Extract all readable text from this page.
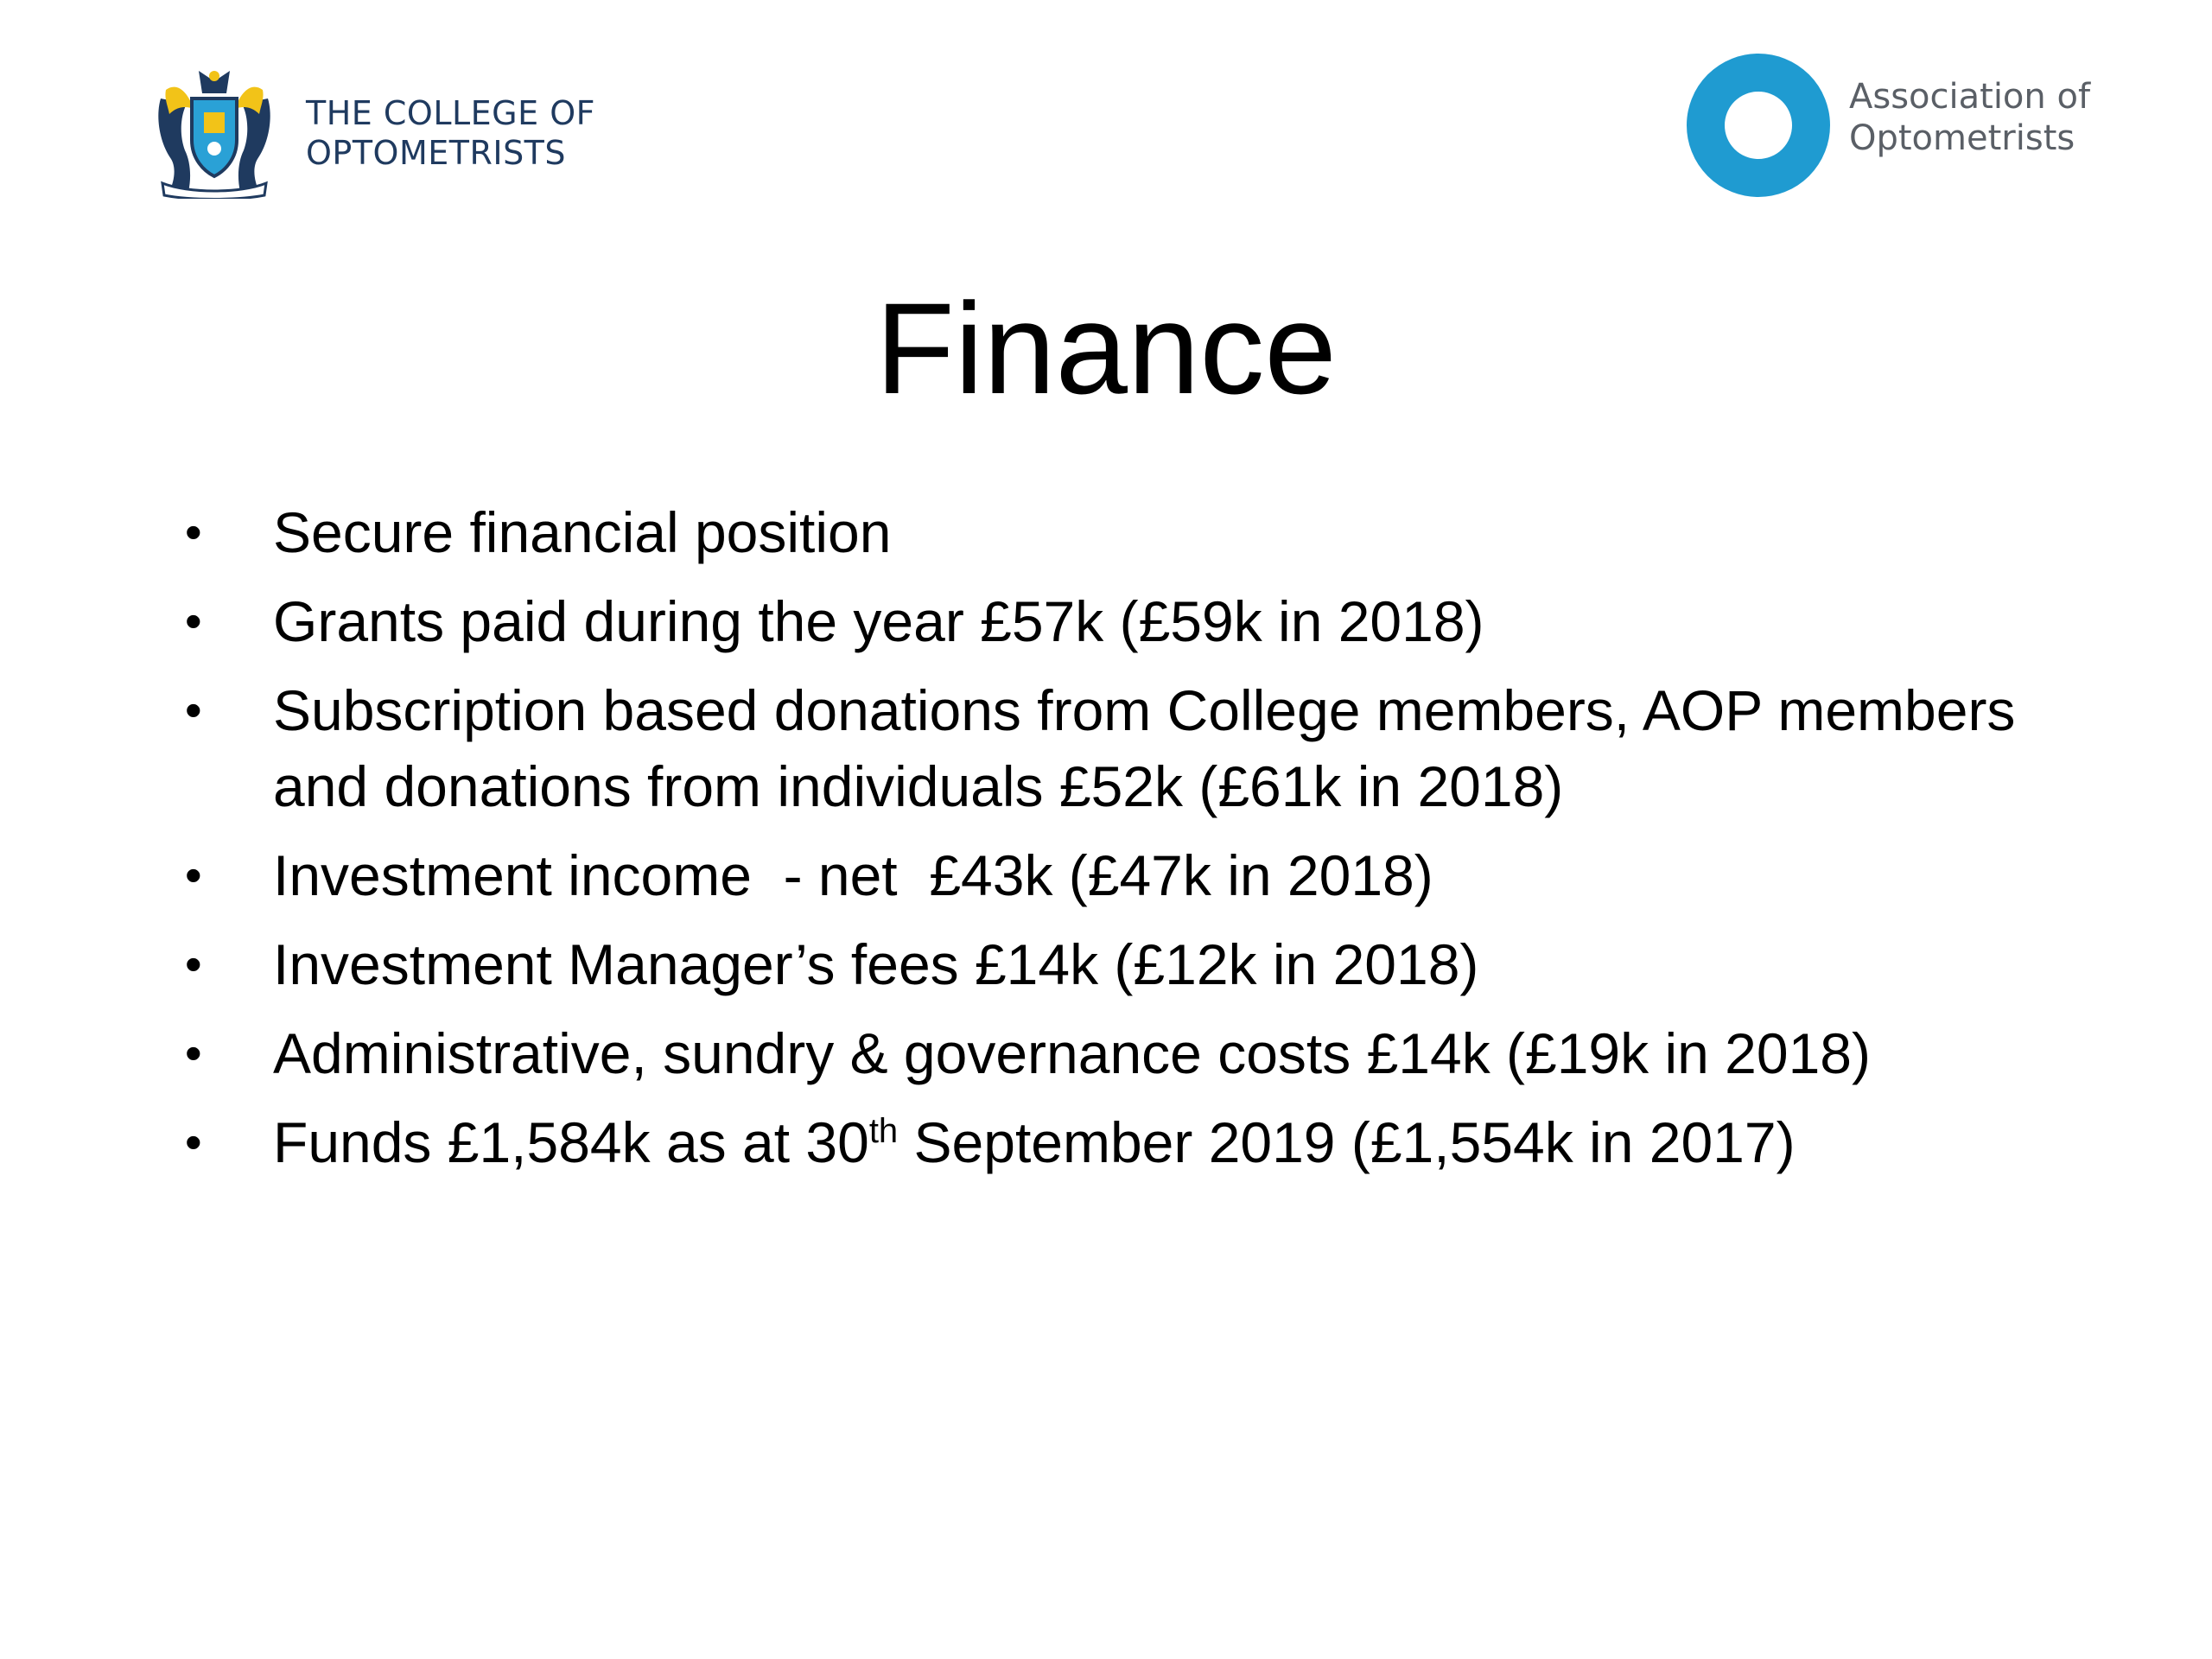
THE COLLEGE OF
OPTOMETRISTS
Association of
Optometrists
Finance
• Secure financial position
• Grants paid during the year £57k (£59k in 2018)
• Subscription based donations from College members, AOP members and donations from individuals £52k (£61k in 2018)
• Investment income  - net  £43k (£47k in 2018)
• Investment Manager’s fees £14k (£12k in 2018)
• Administrative, sundry & governance costs £14k (£19k in 2018)
• Funds £1,584k as at 30th September 2019 (£1,554k in 2017)
